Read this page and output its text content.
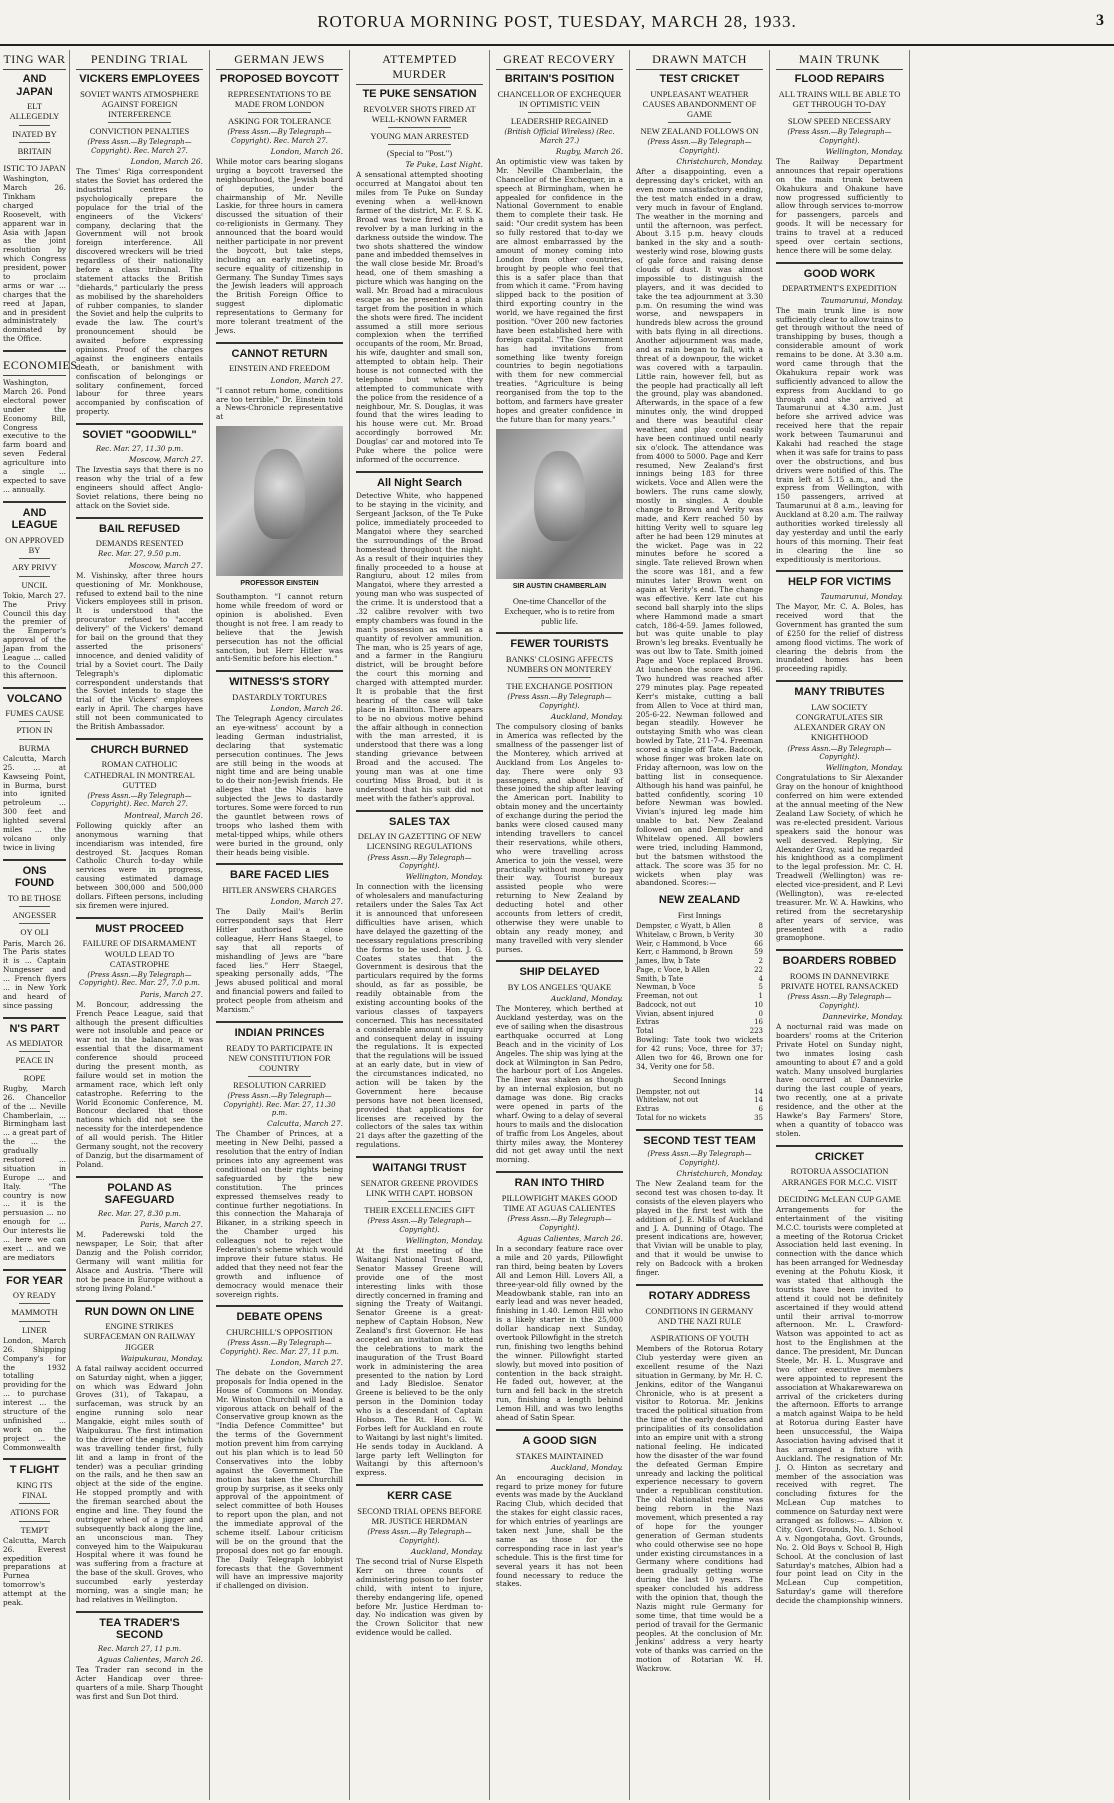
ROTORUA MORNING POST, TUESDAY, MARCH 28, 1933.	3
TING WAR
AND JAPAN
ELT ALLEGEDLY
INATED BY
BRITAIN
ISTIC TO JAPAN
Washington, March 26. Tinkham charged Roosevelt, with apparent war in Asia with Japan as the joint resolution by which Congress president, power to proclaim arms or war ... charges that the reed at Japan, and in president administrately dominated by the Office.
ECONOMIES
Washington, March 26. Pond electoral power under the Economy Bill, Congress executive to the farm board and seven Federal agriculture into a single ... expected to save ... annually.
AND LEAGUE
ON APPROVED BY
ARY PRIVY
UNCIL
Tokio, March 27. The Privy Council this day the premier of the Emperor's approval of the Japan from the League ... called to the Council this afternoon.
VOLCANO
FUMES CAUSE
PTION IN
BURMA
Calcutta, March 25. ... at Kawseing Point, in Burma, burst into ignited petroleum ... 300 feet and lighted several miles ... the volcano only twice in living
ONS FOUND
TO BE THOSE
ANGESSER
OY OLI
Paris, March 26. The Paris states it is ... Captain Nungesser and ... French flyers ... in New York and heard of since passing
N'S PART
AS MEDIATOR
PEACE IN
ROPE
Rugby, March 26. Chancellor of the ... Neville Chamberlain, ... Birmingham last ... a great part of the ... the gradually restored ... situation in Europe ... and Italy. "The country is now ... it is the persuasion ... no enough for ... Our interests lie ... here we can exert ... and we are mediators
FOR YEAR
OY READY
MAMMOTH
LINER
London, March 26. Shipping Company's for the 1932 totalling providing for the ... to purchase interest ... the structure of the unfinished ... work on the project ... the Commonwealth
T FLIGHT
KING ITS FINAL
ATIONS FOR
TEMPT
Calcutta, March 26. Everest expedition preparations at Purnea tomorrow's attempt at the peak.
PENDING TRIAL
VICKERS EMPLOYEES
SOVIET WANTS ATMOSPHERE AGAINST FOREIGN INTERFERENCE
CONVICTION PENALTIES
(Press Assn.—By Telegraph—Copyright). Rec. March 27.
London, March 26.
The Times' Riga correspondent states the Soviet has ordered the industrial centres to psychologically prepare the populace for the trial of the engineers of the Vickers' company, declaring that the Government will not brook foreign interference. All discovered wreckers will be tried regardless of their nationality before a class tribunal. The statement attacks the British "diehards," particularly the press as mobilised by the shareholders of rubber companies, to slander the Soviet and help the culprits to evade the law. The court's pronouncement should be awaited before expressing opinions. Proof of the charges against the engineers entails death, or banishment with confiscation of belongings or solitary confinement, forced labour for three years accompanied by confiscation of property.
SOVIET "GOODWILL"
Rec. Mar. 27, 11.30 p.m.
Moscow, March 27.
The Izvestia says that there is no reason why the trial of a few engineers should affect Anglo-Soviet relations, there being no attack on the Soviet side.
BAIL REFUSED
DEMANDS RESENTED
Rec. Mar. 27, 9.50 p.m.
Moscow, March 27.
M. Vishinsky, after three hours questioning of Mr. Monkhouse, refused to extend bail to the nine Vickers employees still in prison. It is understood that the procurator refused to "accept delivery" of the Vickers' demand for bail on the ground that they asserted the prisoners' innocence, and denied validity of trial by a Soviet court. The Daily Telegraph's diplomatic correspondent understands that the Soviet intends to stage the trial of the Vickers' employees early in April. The charges have still not been communicated to the British Ambassador.
CHURCH BURNED
ROMAN CATHOLIC CATHEDRAL IN MONTREAL GUTTED
(Press Assn.—By Telegraph—Copyright). Rec. March 27.
Montreal, March 26.
Following quickly after an anonymous warning that incendiarism was intended, fire destroyed St. Jacques Roman Catholic Church to-day while services were in progress, causing estimated damage between 300,000 and 500,000 dollars. Fifteen persons, including six firemen were injured.
MUST PROCEED
FAILURE OF DISARMAMENT WOULD LEAD TO CATASTROPHE
(Press Assn.—By Telegraph—Copyright). Rec. Mar. 27, 7.0 p.m.
Paris, March 27.
M. Boncour, addressing the French Peace League, said that although the present difficulties were not insoluble and peace or war not in the balance, it was essential that the disarmament conference should proceed during the present month, as failure would set in motion the armament race, which left only catastrophe. Referring to the World Economic Conference, M. Boncour declared that those nations which did not see the necessity for the interdependence of all would perish. The Hitler Germany sought, not the recovery of Danzig, but the disarmament of Poland.
POLAND AS SAFEGUARD
Rec. Mar. 27, 8.30 p.m.
Paris, March 27.
M. Paderewski told the newspaper, Le Soir, that after Danzig and the Polish corridor, Germany will want militia for Alsace and Austria. "There will not be peace in Europe without a strong living Poland."
RUN DOWN ON LINE
ENGINE STRIKES SURFACEMAN ON RAILWAY JIGGER
Waipukurau, Monday.
A fatal railway accident occurred on Saturday night, when a jigger, on which was Edward John Groves (31), of Takapau, a surfaceman, was struck by an engine running solo near Mangakie, eight miles south of Waipukurau. The first intimation to the driver of the engine (which was travelling tender first, fully lit and a lamp in front of the tender) was a peculiar grinding on the rails, and he then saw an object at the side of the engine. He stopped promptly and with the fireman searched about the engine and line. They found the outrigger wheel of a jigger and subsequently back along the line, an unconscious man. They conveyed him to the Waipukurau Hospital where it was found he was suffering from a fracture at the base of the skull. Groves, who succumbed early yesterday morning, was a single man; he had relatives in Wellington.
TEA TRADER'S SECOND
Rec. March 27, 11 p.m.
Aguas Calientes, March 26.
Tea Trader ran second in the Acter Handicap over three-quarters of a mile. Sharp Thought was first and Sun Dot third.
GERMAN JEWS
PROPOSED BOYCOTT
REPRESENTATIONS TO BE MADE FROM LONDON
ASKING FOR TOLERANCE
(Press Assn.—By Telegraph—Copyright). Rec. March 27.
London, March 26.
While motor cars bearing slogans urging a boycott traversed the neighbourhood, the Jewish board of deputies, under the chairmanship of Mr. Neville Laskie, for three hours in camera discussed the situation of their co-religionists in Germany. They announced that the board would neither participate in nor prevent the boycott, but take steps, including an early meeting, to secure equality of citizenship in Germany. The Sunday Times says the Jewish leaders will approach the British Foreign Office to suggest diplomatic representations to Germany for more tolerant treatment of the Jews.
CANNOT RETURN
EINSTEIN AND FREEDOM
London, March 27.
"I cannot return home, conditions are too terrible," Dr. Einstein told a News-Chronicle representative at
PROFESSOR EINSTEIN
Southampton. "I cannot return home while freedom of word or opinion is abolished. Even thought is not free. I am ready to believe that the Jewish persecution has not the official sanction, but Herr Hitler was anti-Semitic before his election."
WITNESS'S STORY
DASTARDLY TORTURES
London, March 26.
The Telegraph Agency circulates an eye-witness' account by a leading German industrialist, declaring that systematic persecution continues. The Jews are still being in the woods at night time and are being unable to do their non-Jewish friends. He alleges that the Nazis have subjected the Jews to dastardly tortures. Some were forced to run the gauntlet between rows of troops who lashed them with metal-tipped whips, while others were buried in the ground, only their heads being visible.
BARE FACED LIES
HITLER ANSWERS CHARGES
London, March 27.
The Daily Mail's Berlin correspondent says that Herr Hitler authorised a close colleague, Herr Hans Staegel, to say that all reports of mishandling of Jews are "bare faced lies." Herr Staegel, speaking personally adds, "The Jews abused political and moral and financial powers and failed to protect people from atheism and Marxism."
INDIAN PRINCES
READY TO PARTICIPATE IN NEW CONSTITUTION FOR COUNTRY
RESOLUTION CARRIED
(Press Assn.—By Telegraph—Copyright). Rec. Mar. 27, 11.30 p.m.
Calcutta, March 27.
The Chamber of Princes, at a meeting in New Delhi, passed a resolution that the entry of Indian princes into any agreement was conditional on their rights being safeguarded by the new constitution. The princes expressed themselves ready to continue further negotiations. In this connection the Maharaja of Bikaner, in a striking speech in the Chamber urged his colleagues not to reject the Federation's scheme which would improve their future status. He added that they need not fear the growth and influence of democracy would menace their sovereign rights.
DEBATE OPENS
CHURCHILL'S OPPOSITION
(Press Assn.—By Telegraph—Copyright). Rec. Mar. 27, 11 p.m.
London, March 27.
The debate on the Government proposals for India opened in the House of Commons on Monday. Mr. Winston Churchill will lead a vigorous attack on behalf of the Conservative group known as the "India Defence Committee" but the terms of the Government motion prevent him from carrying out his plan which is to lead 50 Conservatives into the lobby against the Government. The motion has taken the Churchill group by surprise, as it seeks only approval of the appointment of select committee of both Houses to report upon the plan, and not the immediate approval of the scheme itself. Labour criticism will be on the ground that the proposal does not go far enough. The Daily Telegraph lobbyist forecasts that the Government will have an impressive majority if challenged on division.
ATTEMPTED MURDER
TE PUKE SENSATION
REVOLVER SHOTS FIRED AT WELL-KNOWN FARMER
YOUNG MAN ARRESTED
(Special to "Post.")
Te Puke, Last Night.
A sensational attempted shooting occurred at Mangatoi about ten miles from Te Puke on Sunday evening when a well-known farmer of the district, Mr. F. S. K. Broad was twice fired at with a revolver by a man lurking in the darkness outside the window. The two shots shattered the window pane and imbedded themselves in the wall close beside Mr. Broad's head, one of them smashing a picture which was hanging on the wall. Mr. Broad had a miraculous escape as he presented a plain target from the position in which the shots were fired. The incident assumed a still more serious complexion when the terrified occupants of the room, Mr. Broad, his wife, daughter and small son, attempted to obtain help. Their house is not connected with the telephone but when they attempted to communicate with the police from the residence of a neighbour, Mr. S. Douglas, it was found that the wires leading to his house were cut. Mr. Broad accordingly borrowed Mr. Douglas' car and motored into Te Puke where the police were informed of the occurrence.
All Night Search
Detective White, who happened to be staying in the vicinity, and Sergeant Jackson, of the Te Puke police, immediately proceeded to Mangatoi where they searched the surroundings of the Broad homestead throughout the night. As a result of their inquiries they finally proceeded to a house at Rangiuru, about 12 miles from Mangatoi, where they arrested a young man who was suspected of the crime. It is understood that a .32 calibre revolver with two empty chambers was found in the man's possession as well as a quantity of revolver ammunition. The man, who is 25 years of age, and a farmer in the Rangiuru district, will be brought before the court this morning and charged with attempted murder. It is probable that the first hearing of the case will take place in Hamilton. There appears to be no obvious motive behind the affair although in connection with the man arrested, it is understood that there was a long standing grievance between Broad and the accused. The young man was at one time courting Miss Broad, but it is understood that his suit did not meet with the father's approval.
SALES TAX
DELAY IN GAZETTING OF NEW LICENSING REGULATIONS
(Press Assn.—By Telegraph—Copyright).
Wellington, Monday.
In connection with the licensing of wholesalers and manufacturing retailers under the Sales Tax Act it is announced that unforeseen difficulties have arisen, which have delayed the gazetting of the necessary regulations prescribing the forms to be used. Hon. J. G. Coates states that the Government is desirous that the particulars required by the forms should, as far as possible, be readily obtainable from the existing accounting books of the various classes of taxpayers concerned. This has necessitated a considerable amount of inquiry and consequent delay in issuing the regulations. It is expected that the regulations will be issued at an early date, but in view of the circumstances indicated, no action will be taken by the Government here because persons have not been licensed, provided that applications for licenses are received by the collectors of the sales tax within 21 days after the gazetting of the regulations.
WAITANGI TRUST
SENATOR GREENE PROVIDES LINK WITH CAPT. HOBSON
THEIR EXCELLENCIES GIFT
(Press Assn.—By Telegraph—Copyright).
Wellington, Monday.
At the first meeting of the Waitangi National Trust Board, Senator Massey Greene will provide one of the most interesting links with those directly concerned in framing and signing the Treaty of Waitangi. Senator Greene is a great-nephew of Captain Hobson, New Zealand's first Governor. He has accepted an invitation to attend the celebrations to mark the inauguration of the Trust Board work in administering the area presented to the nation by Lord and Lady Bledisloe. Senator Greene is believed to be the only person in the Dominion today who is a descendant of Captain Hobson. The Rt. Hon. G. W. Forbes left for Auckland en route to Waitangi by last night's limited. He sends today in Auckland. A large party left Wellington for Waitangi by this afternoon's express.
KERR CASE
SECOND TRIAL OPENS BEFORE MR. JUSTICE HERDMAN
(Press Assn.—By Telegraph—Copyright).
Auckland, Monday.
The second trial of Nurse Elspeth Kerr on three counts of administering poison to her foster child, with intent to injure, thereby endangering life, opened before Mr. Justice Herdman to-day. No indication was given by the Crown Solicitor that new evidence would be called.
GREAT RECOVERY
BRITAIN'S POSITION
CHANCELLOR OF EXCHEQUER IN OPTIMISTIC VEIN
LEADERSHIP REGAINED
(British Official Wireless) (Rec. March 27.)
Rugby, March 26.
An optimistic view was taken by Mr. Neville Chamberlain, the Chancellor of the Exchequer, in a speech at Birmingham, when he appealed for confidence in the National Government to enable them to complete their task. He said: "Our credit system has been so fully restored that to-day we are almost embarrassed by the amount of money coming into London from other countries, brought by people who feel that this is a safer place than that from which it came. "From having slipped back to the position of third exporting country in the world, we have regained the first position. "Over 200 new factories have been established here with foreign capital. "The Government has had invitations from something like twenty foreign countries to begin negotiations with them for new commercial treaties. "Agriculture is being reorganised from the top to the bottom, and farmers have greater hopes and greater confidence in the future than for many years."
SIR AUSTIN CHAMBERLAIN
One-time Chancellor of the Exchequer, who is to retire from public life.
FEWER TOURISTS
BANKS' CLOSING AFFECTS NUMBERS ON MONTEREY
THE EXCHANGE POSITION
(Press Assn.—By Telegraph—Copyright).
Auckland, Monday.
The compulsory closing of banks in America was reflected by the smallness of the passenger list of the Monterey, which arrived at Auckland from Los Angeles to-day. There were only 93 passengers, and about half of these joined the ship after leaving the American port. Inability to obtain money and the uncertainty of exchange during the period the banks were closed caused many intending travellers to cancel their reservations, while others, who were travelling across America to join the vessel, were practically without money to pay their way. Tourist bureaux assisted people who were returning to New Zealand by deducting hotel and other accounts from letters of credit, otherwise they were unable to obtain any ready money, and many travelled with very slender purses.
SHIP DELAYED
BY LOS ANGELES 'QUAKE
Auckland, Monday.
The Monterey, which berthed at Auckland yesterday, was on the eve of sailing when the disastrous earthquake occurred at Long Beach and in the vicinity of Los Angeles. The ship was lying at the dock at Wilmington in San Pedro, the harbour port of Los Angeles. The liner was shaken as though by an internal explosion, but no damage was done. Big cracks were opened in parts of the wharf. Owing to a delay of several hours to mails and the dislocation of traffic from Los Angeles, about thirty miles away, the Monterey did not get away until the next morning.
RAN INTO THIRD
PILLOWFIGHT MAKES GOOD TIME AT AGUAS CALIENTES
(Press Assn.—By Telegraph—Copyright).
Aguas Calientes, March 26.
In a secondary feature race over a mile and 20 yards, Pillowfight ran third, being beaten by Lovers All and Lemon Hill. Lovers All, a three-year-old filly owned by the Meadowbank stable, ran into an early lead and was never headed, finishing in 1.40. Lemon Hill who is a likely starter in the 25,000 dollar handicap next Sunday, overtook Pillowfight in the stretch run, finishing two lengths behind the winner. Pillowfight started slowly, but moved into position of contention in the back straight. He faded out, however, at the turn and fell back in the stretch run, finishing a length behind Lemon Hill, and was two lengths ahead of Satin Spear.
A GOOD SIGN
STAKES MAINTAINED
Auckland, Monday.
An encouraging decision in regard to prize money for future events was made by the Auckland Racing Club, which decided that the stakes for eight classic races, for which entries of yearlings are taken next June, shall be the same as those for the corresponding race in last year's schedule. This is the first time for several years it has not been found necessary to reduce the stakes.
DRAWN MATCH
TEST CRICKET
UNPLEASANT WEATHER CAUSES ABANDONMENT OF GAME
NEW ZEALAND FOLLOWS ON
(Press Assn.—By Telegraph—Copyright).
Christchurch, Monday.
After a disappointing, even a depressing day's cricket, with an even more unsatisfactory ending, the test match ended in a draw, very much in favour of England. The weather in the morning and until the afternoon, was perfect. About 3.15 p.m. heavy clouds banked in the sky and a south-westerly wind rose, blowing gusts of gale force and raising dense clouds of dust. It was almost impossible to distinguish the players, and it was decided to take the tea adjournment at 3.30 p.m. On resuming the wind was worse, and newspapers in hundreds blew across the ground with bats flying in all directions. Another adjournment was made, and as rain began to fall, with a threat of a downpour, the wicket was covered with a tarpaulin. Little rain, however fell, but as the people had practically all left the ground, play was abandoned. Afterwards, in the space of a few minutes only, the wind dropped and there was beautiful clear weather, and play could easily have been continued until nearly six o'clock. The attendance was from 4000 to 5000. Page and Kerr resumed, New Zealand's first innings being 183 for three wickets. Voce and Allen were the bowlers. The runs came slowly, mostly in singles. A double change to Brown and Verity was made, and Kerr reached 50 by hitting Verity well to square leg after he had been 129 minutes at the wicket. Page was in 22 minutes before he scored a single. Tate relieved Brown when the score was 181, and a few minutes later Brown went on again at Verity's end. The change was effective. Kerr late cut his second ball sharply into the slips where Hammond made a smart catch, 186-4-59. James followed, but was quite unable to play Brown's leg breaks. Eventually he was out lbw to Tate. Smith joined Page and Voce replaced Brown. At luncheon the score was 196. Two hundred was reached after 279 minutes play. Page repeated Kerr's mistake, cutting a ball from Allen to Voce at third man, 205-6-22. Newman followed and began steadily. However he outstaying Smith who was clean bowled by Tate, 211-7-4. Freeman scored a single off Tate. Badcock, whose finger was broken late on Friday afternoon, was low on the batting list in consequence. Although his hand was painful, he batted confidently, scoring 10 before Newman was bowled. Vivian's injured leg made him unable to bat. New Zealand followed on and Dempster and Whitelaw opened. All bowlers were tried, including Hammond, but the batsmen withstood the attack. The score was 35 for no wickets when play was abandoned. Scores:—
NEW ZEALAND
First Innings
Dempster, c Wyatt, b Allen	8
Whitelaw, c Brown, b Verity	30
Weir, c Hammond, b Voce	66
Kerr, c Hammond, b Brown	59
James, lbw, b Tate	2
Page, c Voce, b Allen	22
Smith, b Tate	4
Newman, b Voce	5
Freeman, not out	1
Badcock, not out	10
Vivian, absent injured	0
Extras	16
Total	223
Bowling: Tate took two wickets for 42 runs; Voce, three for 37; Allen two for 46, Brown one for 34, Verity one for 58.
Second Innings
Dempster, not out	14
Whitelaw, not out	14
Extras	6
Total for no wickets	35
SECOND TEST TEAM
(Press Assn.—By Telegraph—Copyright).
Christchurch, Monday.
The New Zealand team for the second test was chosen to-day. It consists of the eleven players who played in the first test with the addition of J. E. Mills of Auckland and J. A. Dunning of Otago. The present indications are, however, that Vivian will be unable to play, and that it would be unwise to rely on Badcock with a broken finger.
ROTARY ADDRESS
CONDITIONS IN GERMANY AND THE NAZI RULE
ASPIRATIONS OF YOUTH
Members of the Rotorua Rotary Club yesterday were given an excellent resume of the Nazi situation in Germany, by Mr. H. C. Jenkins, editor of the Wanganui Chronicle, who is at present a visitor to Rotorua. Mr. Jenkins traced the political situation from the time of the early decades and principalities of its consolidation into an empire unit with a strong national feeling. He indicated how the disaster of the war found the defeated German Empire unready and lacking the political experience necessary to govern under a republican constitution. The old Nationalist regime was being reborn in the Nazi movement, which presented a ray of hope for the younger generation of German students who could otherwise see no hope under existing circumstances in a Germany where conditions had been gradually getting worse during the last 10 years. The speaker concluded his address with the opinion that, though the Nazis might rule Germany for some time, that time would be a period of travail for the Germanic peoples. At the conclusion of Mr. Jenkins' address a very hearty vote of thanks was carried on the motion of Rotarian W. H. Wackrow.
MAIN TRUNK
FLOOD REPAIRS
ALL TRAINS WILL BE ABLE TO GET THROUGH TO-DAY
SLOW SPEED NECESSARY
(Press Assn.—By Telegraph—Copyright).
Wellington, Monday.
The Railway Department announces that repair operations on the main trunk between Okahukura and Ohakune have now progressed sufficiently to allow through services to-morrow for passengers, parcels and goods. It will be necessary for trains to travel at a reduced speed over certain sections, hence there will be some delay.
GOOD WORK
DEPARTMENT'S EXPEDITION
Taumarunui, Monday.
The main trunk line is now sufficiently clear to allow trains to get through without the need of transhipping by buses, though a considerable amount of work remains to be done. At 3.30 a.m. word came through that the Okahukura repair work was sufficiently advanced to allow the express from Auckland to go through and she arrived at Taumarunui at 4.30 a.m. Just before she arrived advice was received here that the repair work between Taumarunui and Kakahi had reached the stage when it was safe for trains to pass over the obstructions, and bus drivers were notified of this. The train left at 5.15 a.m., and the express from Wellington, with 150 passengers, arrived at Taumarunui at 8 a.m., leaving for Auckland at 8.20 a.m. The railway authorities worked tirelessly all day yesterday and until the early hours of this morning. Their feat in clearing the line so expeditiously is meritorious.
HELP FOR VICTIMS
Taumarunui, Monday.
The Mayor, Mr. C. A. Boles, has received word that the Government has granted the sum of £250 for the relief of distress among flood victims. The work of clearing the debris from the inundated homes has been proceeding rapidly.
MANY TRIBUTES
LAW SOCIETY CONGRATULATES SIR ALEXANDER GRAY ON KNIGHTHOOD
(Press Assn.—By Telegraph—Copyright).
Wellington, Monday.
Congratulations to Sir Alexander Gray on the honour of knighthood conferred on him were extended at the annual meeting of the New Zealand Law Society, of which he was re-elected president. Various speakers said the honour was well deserved. Replying, Sir Alexander Gray, said he regarded his knighthood as a compliment to the legal profession. Mr. C. H. Treadwell (Wellington) was re-elected vice-president, and P. Levi (Wellington), was re-elected treasurer. Mr. W. A. Hawkins, who retired from the secretaryship after years of service, was presented with a radio gramophone.
BOARDERS ROBBED
ROOMS IN DANNEVIRKE PRIVATE HOTEL RANSACKED
(Press Assn.—By Telegraph—Copyright).
Dannevirke, Monday.
A nocturnal raid was made on boarders' rooms at the Criterion Private Hotel on Sunday night, two inmates losing cash amounting to about £7 and a gold watch. Many unsolved burglaries have occurred at Dannevirke during the last couple of years, two recently, one at a private residence, and the other at the Hawke's Bay Farmers' Store, when a quantity of tobacco was stolen.
CRICKET
ROTORUA ASSOCIATION ARRANGES FOR M.C.C. VISIT
DECIDING McLEAN CUP GAME
Arrangements for the entertainment of the visiting M.C.C. tourists were completed at a meeting of the Rotorua Cricket Association held last evening. In connection with the dance which has been arranged for Wednesday evening at the Pohutu Kiosk, it was stated that although the tourists have been invited to attend it could not be definitely ascertained if they would attend until their arrival to-morrow afternoon. Mr. L. Crawford-Watson was appointed to act as host to the Englishmen at the dance. The president, Mr. Duncan Steele, Mr. H. L. Musgrave and two other executive members were appointed to represent the association at Whakarewarewa on arrival of the cricketers during the afternoon. Efforts to arrange a match against Waipa to be held at Rotorua during Easter have been unsuccessful, the Waipa Association having advised that it has arranged a fixture with Auckland. The resignation of Mr. J. O. Hinton as secretary and member of the association was received with regret. The concluding fixtures for the McLean Cup matches to commence on Saturday next were arranged as follows:— Albion v. City, Govt. Grounds, No. 1. School A v. Ngongotaha, Govt. Grounds, No. 2. Old Boys v. School B, High School. At the conclusion of last Saturday's matches, Albion had a four point lead on City in the McLean Cup competition, Saturday's game will therefore decide the championship winners.
